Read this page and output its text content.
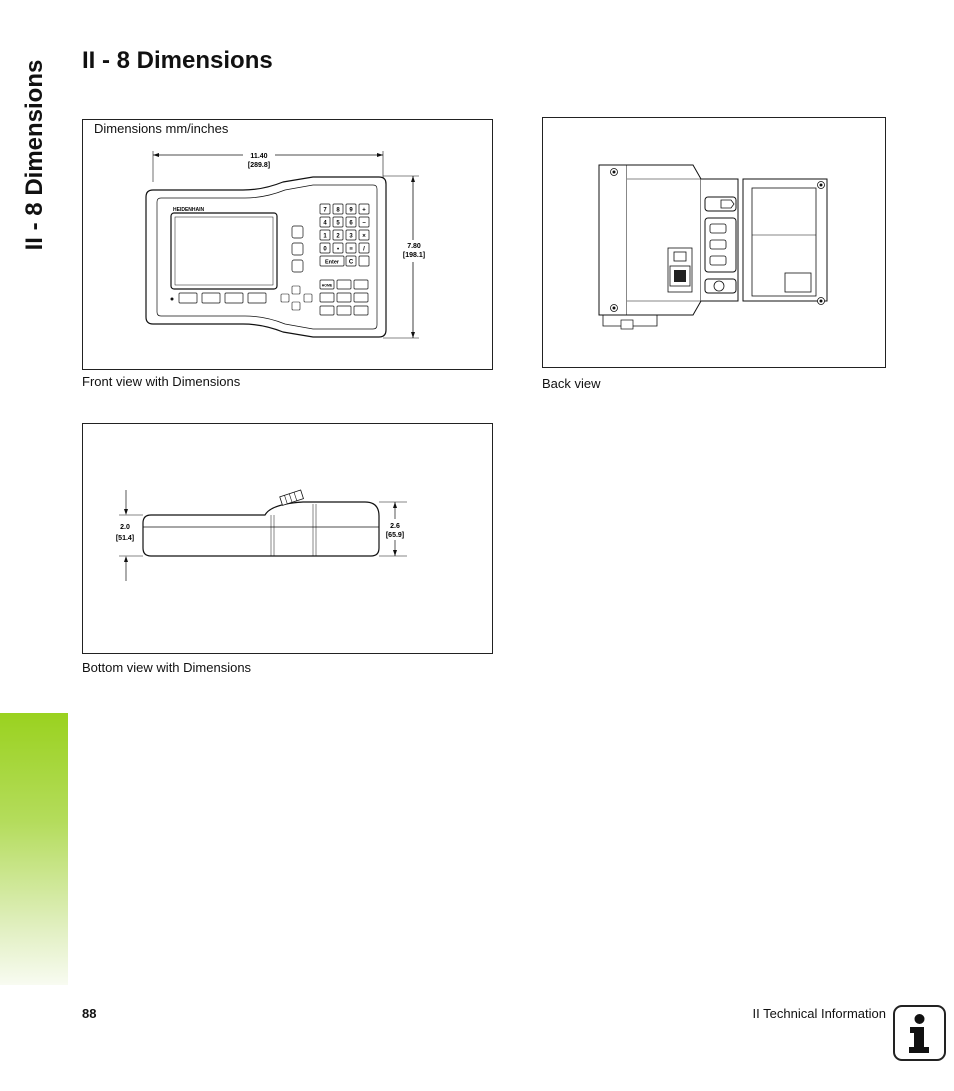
II - 8 Dimensions II - 8 Dimensions
11.40
[289.8]
7.80
[198.1]
HEIDENHAIN	7 8 9 +
4 5 6 −
1 2 3 ×
0 • ≡ /
Enter C
HOME
Dimensions mm/inches
Front view with Dimensions	Back view
2.0
[51.4]
2.6
[65.9]
Bottom view with Dimensions
88	II Technical Information
